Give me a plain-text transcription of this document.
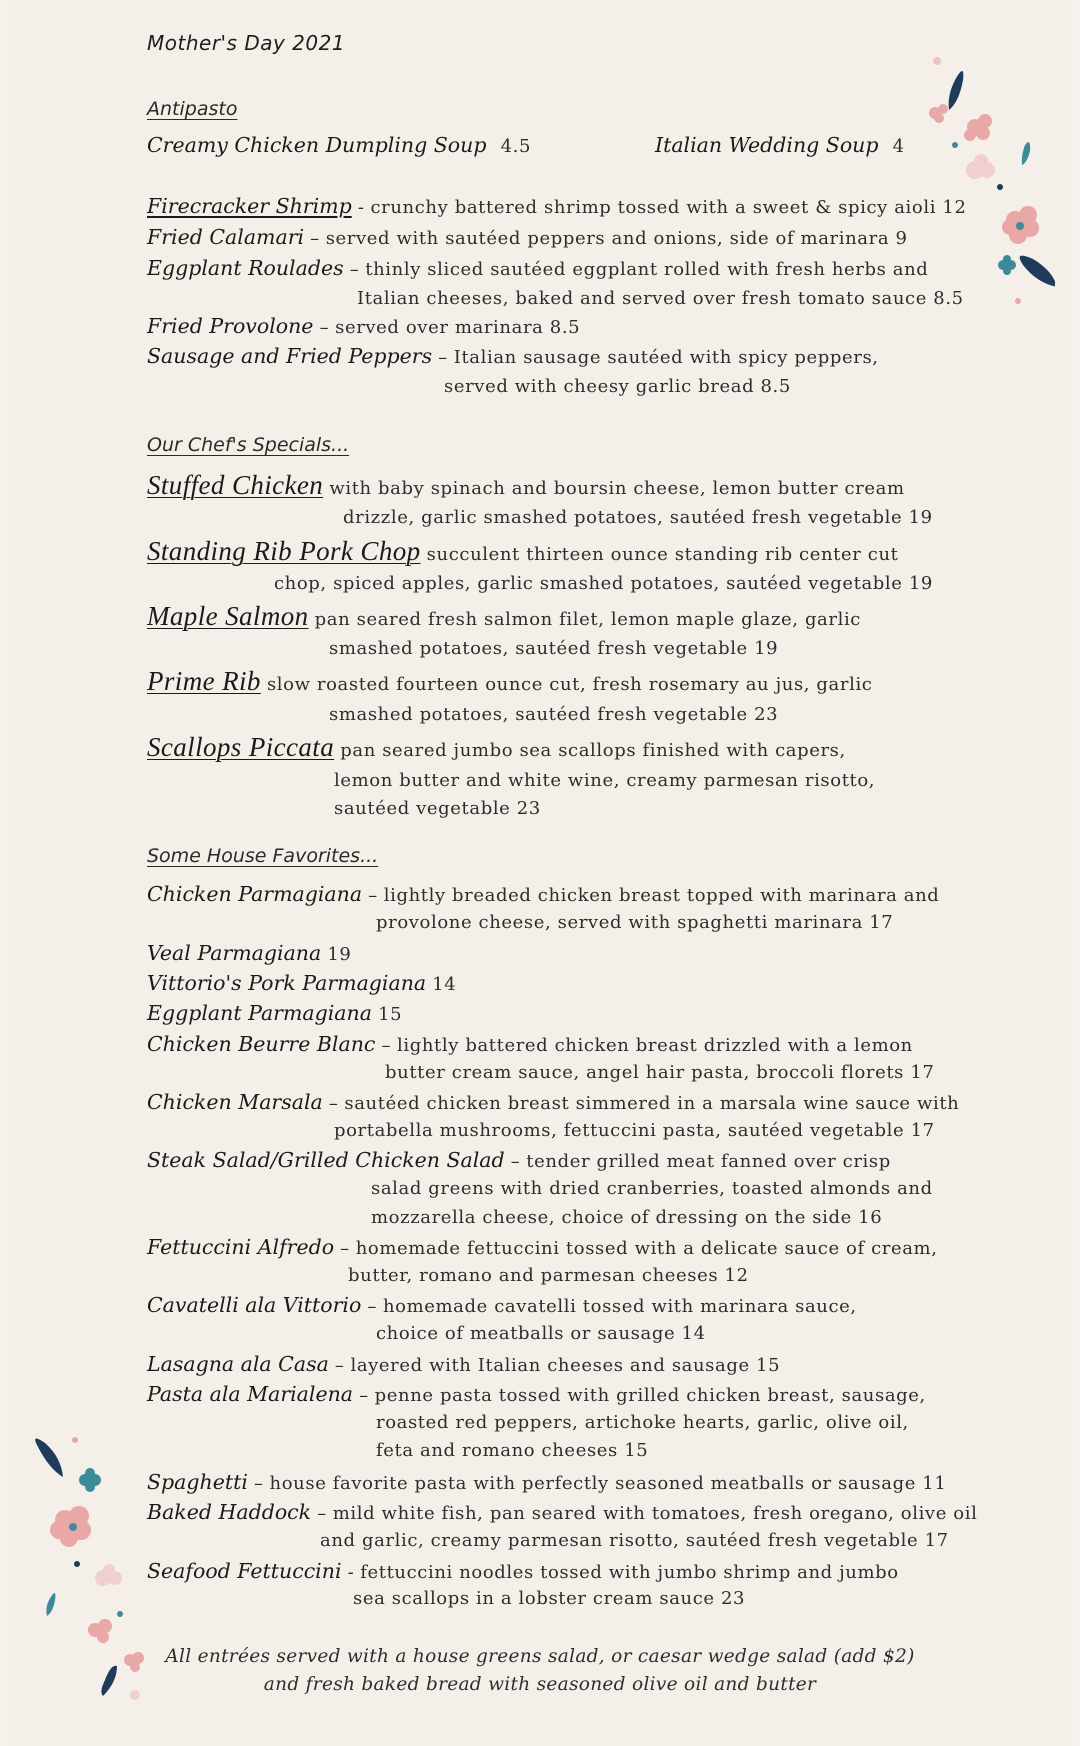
Mother's Day 2021
Antipasto
Creamy Chicken Dumpling Soup 4.5	Italian Wedding Soup 4
Firecracker Shrimp - crunchy battered shrimp tossed with a sweet & spicy aioli 12
Fried Calamari – served with sautéed peppers and onions, side of marinara 9
Eggplant Roulades – thinly sliced sautéed eggplant rolled with fresh herbs and
Italian cheeses, baked and served over fresh tomato sauce 8.5
Fried Provolone – served over marinara 8.5
Sausage and Fried Peppers – Italian sausage sautéed with spicy peppers,
served with cheesy garlic bread 8.5
Our Chef's Specials...
Stuffed Chicken with baby spinach and boursin cheese, lemon butter cream
drizzle, garlic smashed potatoes, sautéed fresh vegetable 19
Standing Rib Pork Chop succulent thirteen ounce standing rib center cut
chop, spiced apples, garlic smashed potatoes, sautéed vegetable 19
Maple Salmon pan seared fresh salmon filet, lemon maple glaze, garlic
smashed potatoes, sautéed fresh vegetable 19
Prime Rib slow roasted fourteen ounce cut, fresh rosemary au jus, garlic
smashed potatoes, sautéed fresh vegetable 23
Scallops Piccata pan seared jumbo sea scallops finished with capers,
lemon butter and white wine, creamy parmesan risotto,
sautéed vegetable 23
Some House Favorites...
Chicken Parmagiana – lightly breaded chicken breast topped with marinara and
provolone cheese, served with spaghetti marinara 17
Veal Parmagiana 19
Vittorio's Pork Parmagiana 14
Eggplant Parmagiana 15
Chicken Beurre Blanc – lightly battered chicken breast drizzled with a lemon
butter cream sauce, angel hair pasta, broccoli florets 17
Chicken Marsala – sautéed chicken breast simmered in a marsala wine sauce with
portabella mushrooms, fettuccini pasta, sautéed vegetable 17
Steak Salad/Grilled Chicken Salad – tender grilled meat fanned over crisp
salad greens with dried cranberries, toasted almonds and
mozzarella cheese, choice of dressing on the side 16
Fettuccini Alfredo – homemade fettuccini tossed with a delicate sauce of cream,
butter, romano and parmesan cheeses 12
Cavatelli ala Vittorio – homemade cavatelli tossed with marinara sauce,
choice of meatballs or sausage 14
Lasagna ala Casa – layered with Italian cheeses and sausage 15
Pasta ala Marialena – penne pasta tossed with grilled chicken breast, sausage,
roasted red peppers, artichoke hearts, garlic, olive oil,
feta and romano cheeses 15
Spaghetti – house favorite pasta with perfectly seasoned meatballs or sausage 11
Baked Haddock – mild white fish, pan seared with tomatoes, fresh oregano, olive oil
and garlic, creamy parmesan risotto, sautéed fresh vegetable 17
Seafood Fettuccini - fettuccini noodles tossed with jumbo shrimp and jumbo
sea scallops in a lobster cream sauce 23
All entrées served with a house greens salad, or caesar wedge salad (add $2)
and fresh baked bread with seasoned olive oil and butter
